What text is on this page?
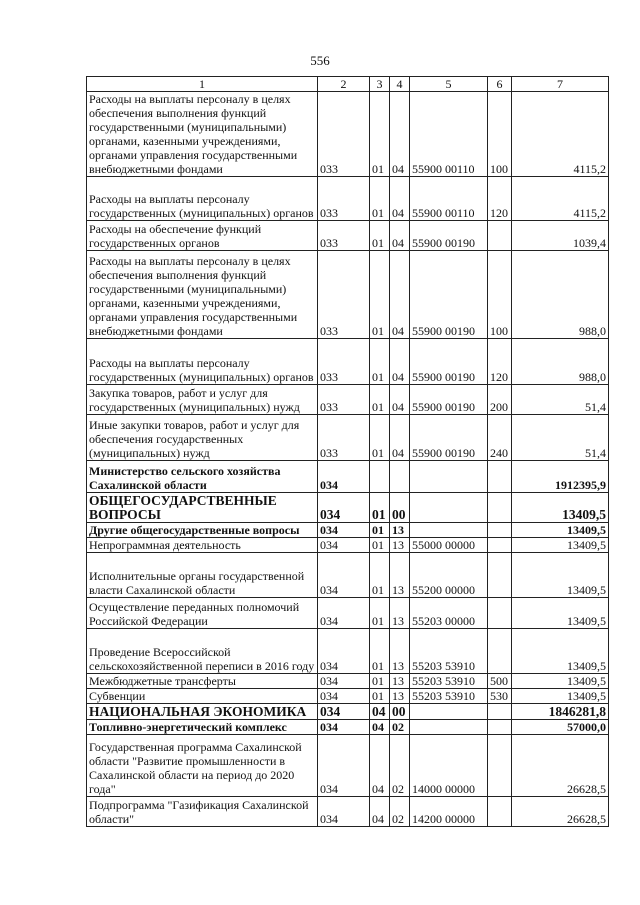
556
1	2	3	4	5	6	7
Расходы на выплаты персоналу в целях обеспечения выполнения функций государственными (муниципальными) органами, казенными учреждениями, органами управления государственными внебюджетными фондами	033	01	04	55900 00110	100	4115,2
Расходы на выплаты персоналу государственных (муниципальных) органов	033	01	04	55900 00110	120	4115,2
Расходы на обеспечение функций государственных органов	033	01	04	55900 00190		1039,4
Расходы на выплаты персоналу в целях обеспечения выполнения функций государственными (муниципальными) органами, казенными учреждениями, органами управления государственными внебюджетными фондами	033	01	04	55900 00190	100	988,0
Расходы на выплаты персоналу государственных (муниципальных) органов	033	01	04	55900 00190	120	988,0
Закупка товаров, работ и услуг для государственных (муниципальных) нужд	033	01	04	55900 00190	200	51,4
Иные закупки товаров, работ и услуг для обеспечения государственных (муниципальных) нужд	033	01	04	55900 00190	240	51,4
Министерство сельского хозяйства Сахалинской области	034					1912395,9
ОБЩЕГОСУДАРСТВЕННЫЕ ВОПРОСЫ	034	01	00			13409,5
Другие общегосударственные вопросы	034	01	13			13409,5
Непрограммная деятельность	034	01	13	55000 00000		13409,5
Исполнительные органы государственной власти Сахалинской области	034	01	13	55200 00000		13409,5
Осуществление переданных полномочий Российской Федерации	034	01	13	55203 00000		13409,5
Проведение Всероссийской сельскохозяйственной переписи в 2016 году	034	01	13	55203 53910		13409,5
Межбюджетные трансферты	034	01	13	55203 53910	500	13409,5
Субвенции	034	01	13	55203 53910	530	13409,5
НАЦИОНАЛЬНАЯ ЭКОНОМИКА	034	04	00			1846281,8
Топливно-энергетический комплекс	034	04	02			57000,0
Государственная программа Сахалинской области "Развитие промышленности в Сахалинской области на период до 2020 года"	034	04	02	14000 00000		26628,5
Подпрограмма "Газификация Сахалинской области"	034	04	02	14200 00000		26628,5
